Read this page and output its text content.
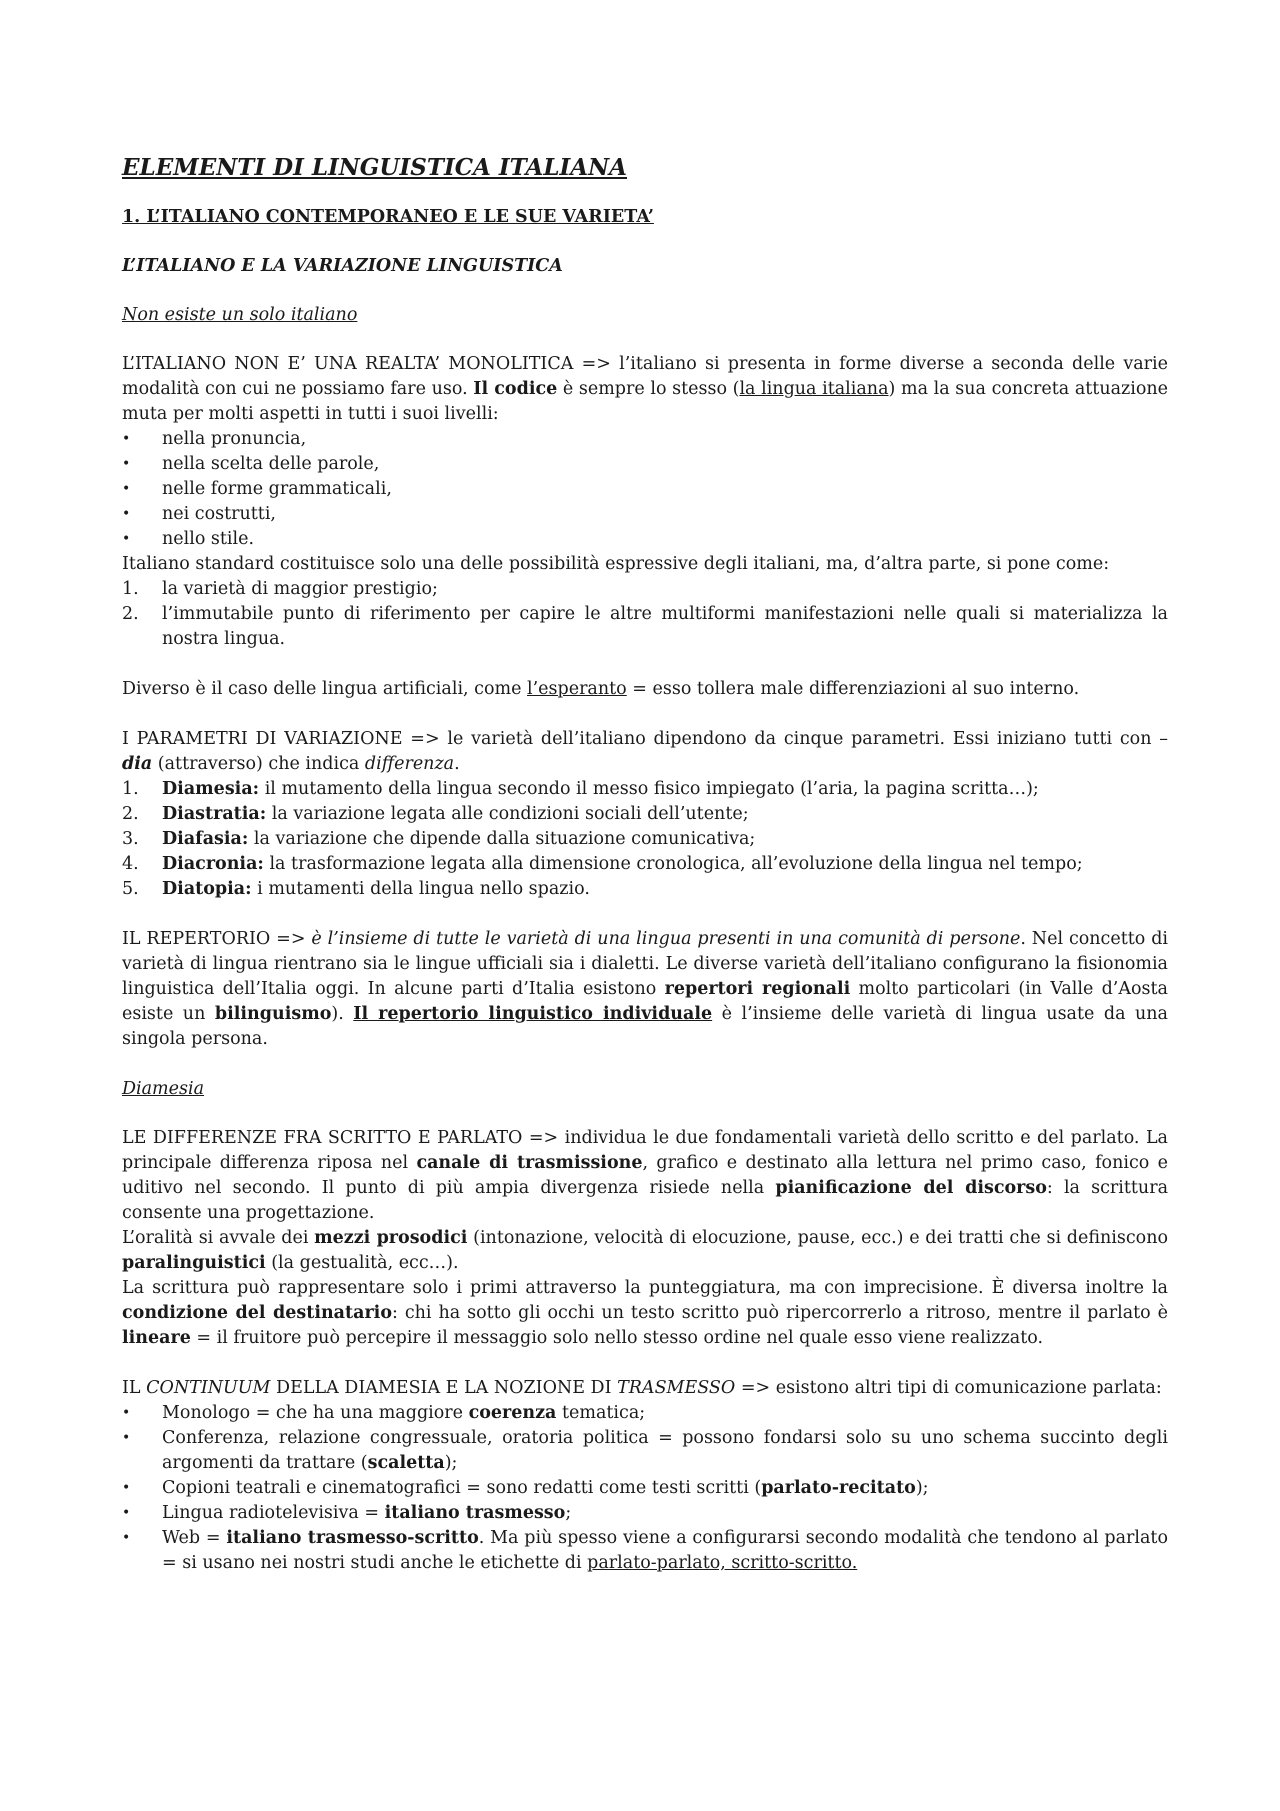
ELEMENTI DI LINGUISTICA ITALIANA
1. L’ITALIANO CONTEMPORANEO E LE SUE VARIETA’
L’ITALIANO E LA VARIAZIONE LINGUISTICA
Non esiste un solo italiano

L’ITALIANO NON E’ UNA REALTA’ MONOLITICA => l’italiano si presenta in forme diverse a seconda delle varie modalità con cui ne possiamo fare uso. Il codice è sempre lo stesso (la lingua italiana) ma la sua concreta attuazione muta per molti aspetti in tutti i suoi livelli:

•	nella pronuncia,
•	nella scelta delle parole,
•	nelle forme grammaticali,
•	nei costrutti,
•	nello stile.

Italiano standard costituisce solo una delle possibilità espressive degli italiani, ma, d’altra parte, si pone come:

1.	la varietà di maggior prestigio;
2.	l’immutabile punto di riferimento per capire le altre multiformi manifestazioni nelle quali si materializza la nostra lingua.

Diverso è il caso delle lingua artificiali, come l’esperanto = esso tollera male differenziazioni al suo interno.

I PARAMETRI DI VARIAZIONE => le varietà dell’italiano dipendono da cinque parametri. Essi iniziano tutti con – dia (attraverso) che indica differenza.

1.	Diamesia: il mutamento della lingua secondo il messo fisico impiegato (l’aria, la pagina scritta…);
2.	Diastratia: la variazione legata alle condizioni sociali dell’utente;
3.	Diafasia: la variazione che dipende dalla situazione comunicativa;
4.	Diacronia: la trasformazione legata alla dimensione cronologica, all’evoluzione della lingua nel tempo;
5.	Diatopia: i mutamenti della lingua nello spazio.

IL REPERTORIO => è l’insieme di tutte le varietà di una lingua presenti in una comunità di persone. Nel concetto di varietà di lingua rientrano sia le lingue ufficiali sia i dialetti. Le diverse varietà dell’italiano configurano la fisionomia linguistica dell’Italia oggi. In alcune parti d’Italia esistono repertori regionali molto particolari (in Valle d’Aosta esiste un bilinguismo). Il repertorio linguistico individuale è l’insieme delle varietà di lingua usate da una singola persona.

Diamesia

LE DIFFERENZE FRA SCRITTO E PARLATO => individua le due fondamentali varietà dello scritto e del parlato. La principale differenza riposa nel canale di trasmissione, grafico e destinato alla lettura nel primo caso, fonico e uditivo nel secondo. Il punto di più ampia divergenza risiede nella pianificazione del discorso: la scrittura consente una progettazione.

L’oralità si avvale dei mezzi prosodici (intonazione, velocità di elocuzione, pause, ecc.) e dei tratti che si definiscono paralinguistici (la gestualità, ecc…).

La scrittura può rappresentare solo i primi attraverso la punteggiatura, ma con imprecisione. È diversa inoltre la condizione del destinatario: chi ha sotto gli occhi un testo scritto può ripercorrerlo a ritroso, mentre il parlato è lineare = il fruitore può percepire il messaggio solo nello stesso ordine nel quale esso viene realizzato.

IL CONTINUUM DELLA DIAMESIA E LA NOZIONE DI TRASMESSO => esistono altri tipi di comunicazione parlata:

•	Monologo = che ha una maggiore coerenza tematica;
•	Conferenza, relazione congressuale, oratoria politica = possono fondarsi solo su uno schema succinto degli argomenti da trattare (scaletta);
•	Copioni teatrali e cinematografici = sono redatti come testi scritti (parlato-recitato);
•	Lingua radiotelevisiva = italiano trasmesso;
•	Web = italiano trasmesso-scritto. Ma più spesso viene a configurarsi secondo modalità che tendono al parlato = si usano nei nostri studi anche le etichette di parlato-parlato, scritto-scritto.
